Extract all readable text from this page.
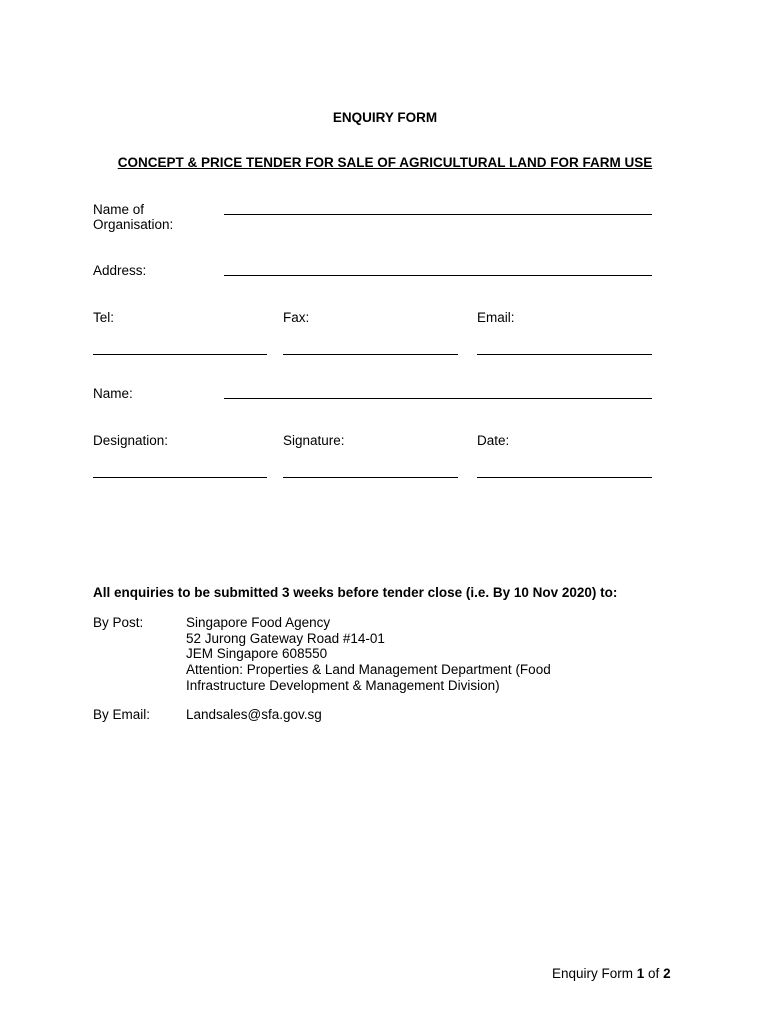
ENQUIRY FORM
CONCEPT & PRICE TENDER FOR SALE OF AGRICULTURAL LAND FOR FARM USE
Name of
Organisation:
Address:
Tel:	Fax:	Email:
Name:
Designation:	Signature:	Date:
All enquiries to be submitted 3 weeks before tender close (i.e. By 10 Nov 2020) to:
By Post:	Singapore Food Agency
52 Jurong Gateway Road #14-01
JEM Singapore 608550
Attention: Properties & Land Management Department (Food
Infrastructure Development & Management Division)
By Email:	Landsales@sfa.gov.sg
Enquiry Form 1 of 2
